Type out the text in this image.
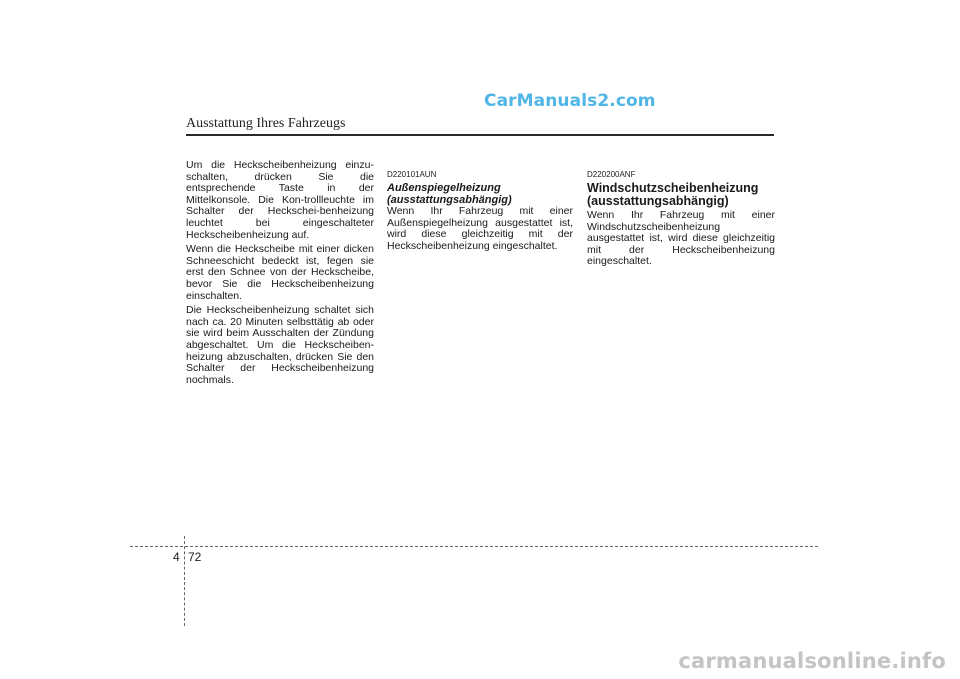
CarManuals2.com
Ausstattung Ihres Fahrzeugs

Um die Heckscheibenheizung einzu-schalten, drücken Sie die entsprechende Taste in der Mittelkonsole. Die Kon-trollleuchte im Schalter der Heckschei-benheizung leuchtet bei eingeschalteter Heckscheibenheizung auf.

Wenn die Heckscheibe mit einer dicken Schneeschicht bedeckt ist, fegen sie erst den Schnee von der Heckscheibe, bevor Sie die Heckscheibenheizung einschalten.

Die Heckscheibenheizung schaltet sich nach ca. 20 Minuten selbsttätig ab oder sie wird beim Ausschalten der Zündung abgeschaltet. Um die Heckscheiben-heizung abzuschalten, drücken Sie den Schalter der Heckscheibenheizung nochmals.

D220101AUN
Außenspiegelheizung
(ausstattungsabhängig)

Wenn Ihr Fahrzeug mit einer Außenspiegelheizung ausgestattet ist, wird diese gleichzeitig mit der Heckscheibenheizung eingeschaltet.

D220200ANF
Windschutzscheibenheizung
(ausstattungsabhängig)

Wenn Ihr Fahrzeug mit einer Windschutzscheibenheizung ausgestattet ist, wird diese gleichzeitig mit der Heckscheibenheizung eingeschaltet.

4 72
carmanualsonline.info
